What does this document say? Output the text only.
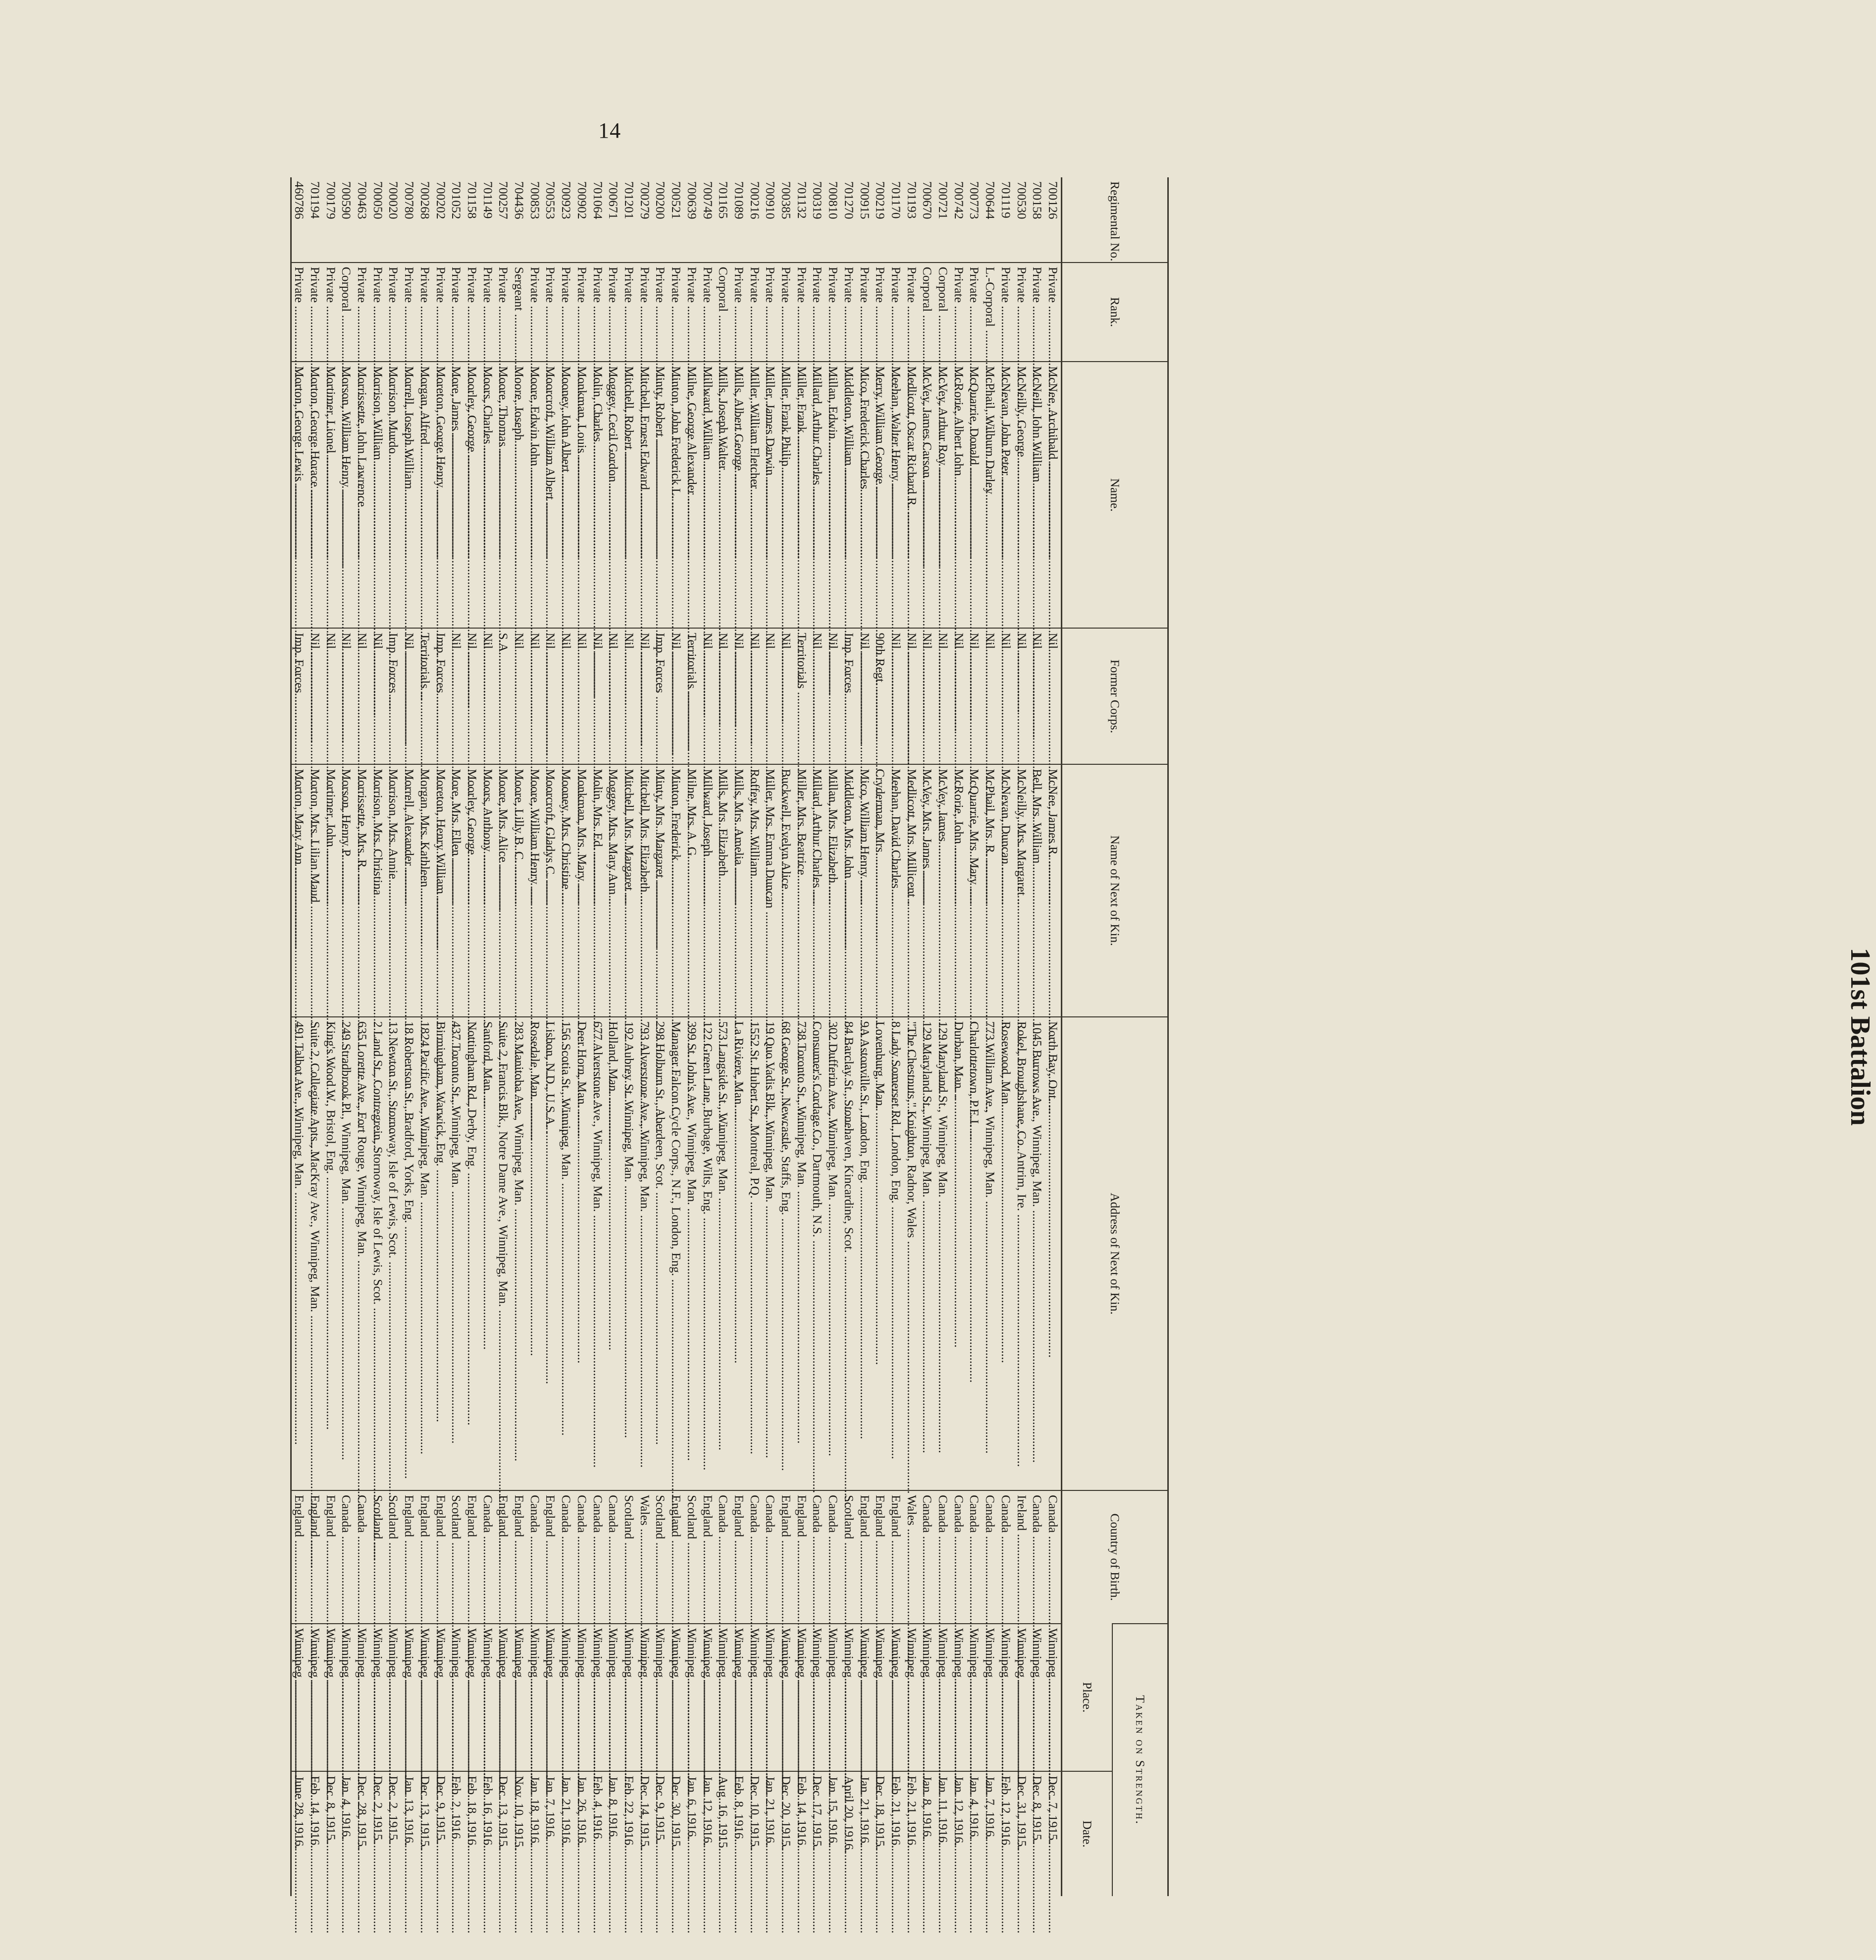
14
101st Battalion
Regimental No.	Rank.	Name.	Former Corps.	Name of Next of Kin.	Address of Next of Kin.	Country of Birth.	Taken on Strength.	
							Place.	Date.
700126	Private .....	McNee, Archibald .....	Nil .....	McNee, James R. .....	North Bay, Ont. .....	Canada .....	Winnipeg .....	Dec. 7, 1915.
700158	Private .....	McNeill, John William .....	Nil .....	Bell, Mrs. William .....	1045 Burrows Ave., Winnipeg, Man. .....	Canada .....	Winnipeg .....	Dec. 8, 1915.
700530	Private .....	McNeilly, George .....	Nil .....	McNeilly, Mrs. Margaret .....	Rokel, Broughshane, Co. Antrim, Ire. .....	Ireland .....	Winnipeg .....	Dec. 31, 1915.
701119	Private .....	McNevan, John Peter .....	Nil .....	McNevan, Duncan .....	Rosewood, Man. .....	Canada .....	Winnipeg .....	Feb. 12, 1916.
700644	L.-Corporal .....	McPhail, Wilburn Darley .....	Nil .....	McPhail, Mrs. R. .....	773 William Ave., Winnipeg, Man. .....	Canada .....	Winnipeg .....	Jan. 7, 1916.
700773	Private .....	McQuarrie, Donald .....	Nil .....	McQuarrie, Mrs. Mary .....	Charlottetown, P.E.I. .....	Canada .....	Winnipeg .....	Jan. 4, 1916.
700742	Private .....	McRorie, Albert John .....	Nil .....	McRorie, John .....	Durban, Man. .....	Canada .....	Winnipeg .....	Jan. 12, 1916.
700721	Corporal .....	McVey, Arthur Roy .....	Nil .....	McVey, James .....	129 Maryland St., Winnipeg, Man. .....	Canada .....	Winnipeg .....	Jan. 11, 1916.
700670	Corporal .....	McVey, James Carson .....	Nil .....	McVey, Mrs. James .....	129 Maryland St., Winnipeg, Man. .....	Canada .....	Winnipeg .....	Jan. 8, 1916.
701193	Private .....	Medlicott, Oscar Richard R. .....	Nil .....	Medlicott, Mrs. Millicent .....	"The Chestnuts," Knighton, Radnor, Wales .....	Wales .....	Winnipeg .....	Feb. 21, 1916.
701170	Private .....	Meehan, Walter Henry .....	Nil .....	Meehan, David Charles .....	8 Lady Somerset Rd., London, Eng. .....	England .....	Winnipeg .....	Feb. 21, 1916.
700219	Private .....	Merry, William George .....	90th Regt. .....	Cryderman, Mrs. .....	Lovenburg, Man. .....	England .....	Winnipeg .....	Dec. 18, 1915.
700915	Private .....	Mico, Frederick Charles .....	Nil .....	Mico, William Henry .....	9A Astonville St., London, Eng. .....	England .....	Winnipeg .....	Jan. 21, 1916.
701270	Private .....	Middleton, William .....	Imp. Forces .....	Middleton, Mrs. John .....	84 Barclay St., Stonehaven, Kincardine, Scot. .....	Scotland .....	Winnipeg .....	April 20, 1916.
700810	Private .....	Millan, Edwin .....	Nil .....	Millan, Mrs. Elizabeth .....	302 Dufferin Ave., Winnipeg, Man. .....	Canada .....	Winnipeg .....	Jan. 15, 1916.
700319	Private .....	Millard, Arthur Charles .....	Nil .....	Millard, Arthur Charles .....	Consumer's Cordage Co., Dartmouth, N.S. .....	Canada .....	Winnipeg .....	Dec. 17, 1915.
701132	Private .....	Miller, Frank .....	Territorials .....	Miller, Mrs. Beatrice .....	738 Toronto St., Winnipeg, Man. .....	England .....	Winnipeg .....	Feb. 14, 1916.
700385	Private .....	Miller, Frank Philip .....	Nil .....	Buckwell, Evelyn Alice .....	68 George St., Newcastle, Staffs, Eng. .....	England .....	Winnipeg .....	Dec. 20, 1915.
700910	Private .....	Miller, James Darwin .....	Nil .....	Miller, Mrs. Emma Duncan .....	19 Quo Vadis Blk., Winnipeg, Man. .....	Canada .....	Winnipeg .....	Jan. 21, 1916.
700216	Private .....	Miller, William Fletcher .....	Nil .....	Roffey, Mrs. William .....	1552 St. Hubert St., Montreal, P.Q. .....	Canada .....	Winnipeg .....	Dec. 10, 1915.
701089	Private .....	Mills, Albert George .....	Nil .....	Mills, Mrs. Amelia .....	La Riviere, Man. .....	England .....	Winnipeg .....	Feb. 8, 1916.
701165	Corporal .....	Mills, Joseph Walter .....	Nil .....	Mills, Mrs. Elizabeth .....	573 Langside St., Winnipeg, Man. .....	Canada .....	Winnipeg .....	Aug. 16, 1915.
700749	Private .....	Millward, William .....	Nil .....	Millward, Joseph .....	122 Green Lane, Burbage, Wilts, Eng. .....	England .....	Winnipeg .....	Jan. 12, 1916.
700639	Private .....	Milne, George Alexander .....	Territorials .....	Milne, Mrs. A. G. .....	399 St. John's Ave., Winnipeg, Man. .....	Scotland .....	Winnipeg .....	Jan. 6, 1916.
700521	Private .....	Minton, John Frederick L. .....	Nil .....	Minton, Frederick .....	Manager Falcon Cycle Corps., N.F., London, Eng. .....	England .....	Winnipeg .....	Dec. 30, 1915.
700200	Private .....	Minty, Robert .....	Imp. Forces .....	Minty, Mrs. Margaret .....	298 Holburn St., Aberdeen, Scot. .....	Scotland .....	Winnipeg .....	Dec. 9, 1915.
700279	Private .....	Mitchell, Ernest Edward .....	Nil .....	Mitchell, Mrs. Elizabeth .....	793 Alverstone Ave., Winnipeg, Man. .....	Wales .....	Winnipeg .....	Dec. 14, 1915.
701201	Private .....	Mitchell, Robert .....	Nil .....	Mitchell, Mrs. Margaret .....	192 Aubrey St. Winnipeg, Man. .....	Scotland .....	Winnipeg .....	Feb. 22, 1916.
700671	Private .....	Moggey, Cecil Gordon .....	Nil .....	Moggey, Mrs. Mary Ann .....	Holland, Man. .....	Canada .....	Winnipeg .....	Jan. 8, 1916.
701064	Private .....	Molin, Charles .....	Nil .....	Molin, Mrs. Ed. .....	677 Alverstone Ave., Winnipeg, Man. .....	Canada .....	Winnipeg .....	Feb. 4, 1916.
700902	Private .....	Monkman, Louis .....	Nil .....	Monkman, Mrs. Mary .....	Deer Horn, Man. .....	Canada .....	Winnipeg .....	Jan. 26, 1916.
700923	Private .....	Mooney, John Albert .....	Nil .....	Mooney, Mrs. Christine .....	156 Scotia St., Winnipeg, Man. .....	Canada .....	Winnipeg .....	Jan. 21, 1916.
700553	Private .....	Moorcroft, William Albert .....	Nil .....	Moorcroft, Gladys C. .....	Lisbon, N.D., U.S.A. .....	England .....	Winnipeg .....	Jan. 7, 1916.
700853	Private .....	Moore, Edwin John .....	Nil .....	Moore, William Henry .....	Rosedale, Man. .....	Canada .....	Winnipeg .....	Jan. 18, 1916.
704436	Sergeant .....	Moore, Joseph .....	Nil .....	Moore, Lilly B. C. .....	283 Manitoba Ave., Winnipeg, Man. .....	England .....	Winnipeg .....	Nov. 10, 1915.
700257	Private .....	Moore, Thomas .....	S.A. .....	Moore, Mrs. Alice .....	Suite 2, Francis Blk., Notre Dame Ave., Winnipeg, Man. .....	England .....	Winnipeg .....	Dec. 13, 1915.
701149	Private .....	Moors, Charles .....	Nil .....	Moors, Anthony .....	Sanford, Man. .....	Canada .....	Winnipeg .....	Feb. 16, 1916.
701158	Private .....	Moorley, George .....	Nil .....	Moorley, George .....	Nottingham Rd., Derby, Eng. .....	England .....	Winnipeg .....	Feb. 18, 1916.
701052	Private .....	More, James .....	Nil .....	More, Mrs. Ellen .....	437 Toronto St., Winnipeg, Man. .....	Scotland .....	Winnipeg .....	Feb. 2, 1916.
700202	Private .....	Moreton, George Henry .....	Imp. Forces .....	Moreton, Henry William .....	Birmingham, Warwick, Eng. .....	England .....	Winnipeg .....	Dec. 9, 1915.
700268	Private .....	Morgan, Alfred .....	Territorials .....	Morgan, Mrs. Kathleen .....	1824 Pacific Ave., Winnipeg, Man. .....	England .....	Winnipeg .....	Dec. 13, 1915.
700780	Private .....	Morrell, Joseph William .....	Nil .....	Morrell, Alexander .....	18 Robertson St., Bradford, Yorks, Eng. .....	England .....	Winnipeg .....	Jan. 13, 1916.
700020	Private .....	Morrison, Murdo .....	Imp. Forces .....	Morrison, Mrs. Annie .....	13 Newton St., Stornoway, Isle of Lewis, Scot. .....	Scotland .....	Winnipeg .....	Dec. 2, 1915.
700050	Private .....	Morrison, William .....	Nil .....	Morrison, Mrs. Christina .....	2 Land St., Contregrein, Stornoway, Isle of Lewis, Scot. .....	Scotland .....	Winnipeg .....	Dec. 2, 1915.
700463	Private .....	Morrissette, John Lawrence .....	Nil .....	Morrissette, Mrs. R. .....	635 Lorette Ave., Fort Rouge, Winnipeg, Man. .....	Canada .....	Winnipeg .....	Dec. 28, 1915.
700590	Corporal .....	Morson, William Henry .....	Nil .....	Morson, Henry P. .....	249 Stradbrook Pl., Winnipeg, Man. .....	Canada .....	Winnipeg .....	Jan. 4, 1916.
700179	Private .....	Mortimer, Lionel .....	Nil .....	Mortimer, John .....	King's Wood W., Bristol, Eng. .....	England .....	Winnipeg .....	Dec. 8, 1915.
701194	Private .....	Morton, George Horace .....	Nil .....	Morton, Mrs. Lilian Maud .....	Suite 2, Collegiate Apts., MacKray Ave., Winnipeg, Man. .....	England .....	Winnipeg .....	Feb. 14, 1916.
460786	Private .....	Morton, George Lewis .....	Imp. Forces .....	Morton, Mary Ann .....	491 Talbot Ave., Winnipeg, Man. .....	England .....	Winnipeg .....	June 28, 1916.
